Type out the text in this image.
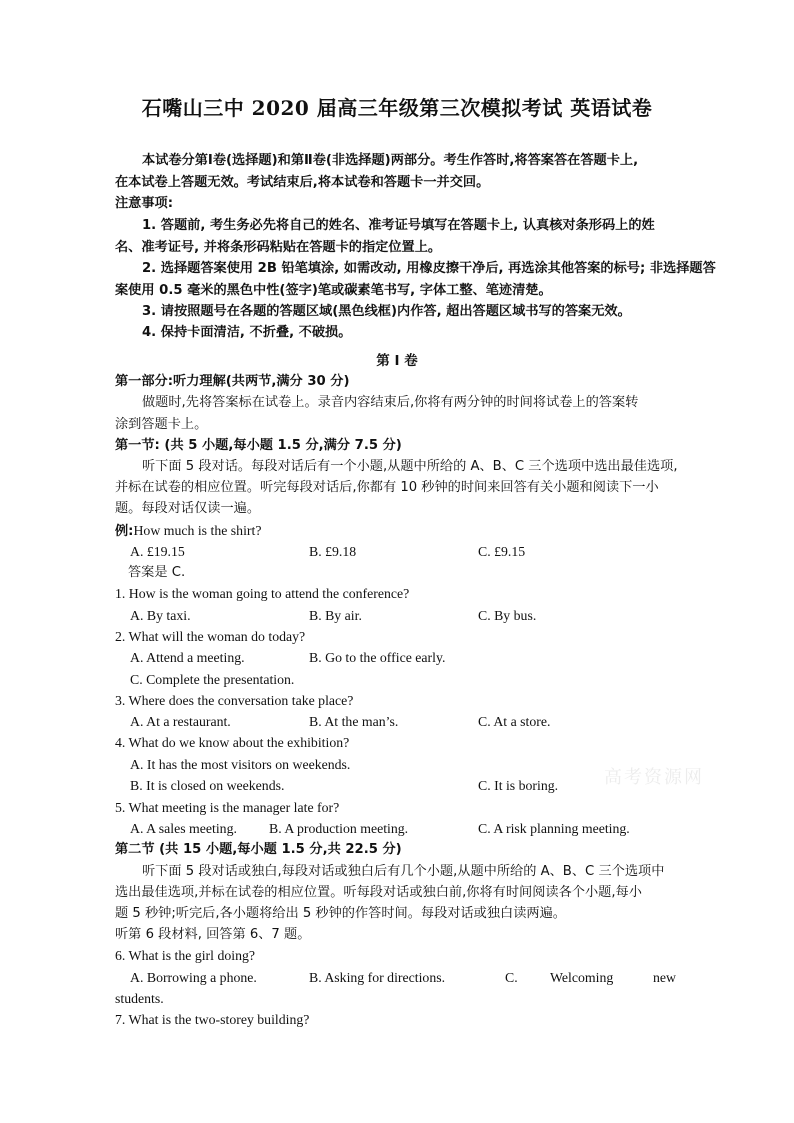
石嘴山三中 2020 届高三年级第三次模拟考试 英语试卷
本试卷分第Ⅰ卷(选择题)和第Ⅱ卷(非选择题)两部分。考生作答时,将答案答在答题卡上,
在本试卷上答题无效。考试结束后,将本试卷和答题卡一并交回。
注意事项:
1. 答题前, 考生务必先将自己的姓名、准考证号填写在答题卡上, 认真核对条形码上的姓
名、准考证号, 并将条形码粘贴在答题卡的指定位置上。
2. 选择题答案使用 2B 铅笔填涂, 如需改动, 用橡皮擦干净后, 再选涂其他答案的标号; 非选择题答
案使用 0.5 毫米的黑色中性(签字)笔或碳素笔书写, 字体工整、笔迹清楚。
3. 请按照题号在各题的答题区域(黑色线框)内作答, 超出答题区域书写的答案无效。
4. 保持卡面清洁, 不折叠, 不破损。
第 Ⅰ 卷
第一部分:听力理解(共两节,满分 30 分)
做题时,先将答案标在试卷上。录音内容结束后,你将有两分钟的时间将试卷上的答案转
涂到答题卡上。
第一节: (共 5 小题,每小题 1.5 分,满分 7.5 分)
听下面 5 段对话。每段对话后有一个小题,从题中所给的 A、B、C 三个选项中选出最佳选项,
并标在试卷的相应位置。听完每段对话后,你都有 10 秒钟的时间来回答有关小题和阅读下一小
题。每段对话仅读一遍。
例:How much is the shirt?
A. £19.15	B. £9.18	C. £9.15
答案是 C.
1. How is the woman going to attend the conference?
A. By taxi.	B. By air.	C. By bus.
2. What will the woman do today?
A. Attend a meeting.	B. Go to the office early.
C. Complete the presentation.
3. Where does the conversation take place?
A. At a restaurant.	B. At the man’s.	C. At a store.
4. What do we know about the exhibition?
A. It has the most visitors on weekends.
B. It is closed on weekends.	C. It is boring.	高考资源网
5. What meeting is the manager late for?
A. A sales meeting. B. A production meeting.	C. A risk planning meeting.
第二节 (共 15 小题,每小题 1.5 分,共 22.5 分)
听下面 5 段对话或独白,每段对话或独白后有几个小题,从题中所给的 A、B、C 三个选项中
选出最佳选项,并标在试卷的相应位置。听每段对话或独白前,你将有时间阅读各个小题,每小
题 5 秒钟;听完后,各小题将给出 5 秒钟的作答时间。每段对话或独白读两遍。
听第 6 段材料, 回答第 6、7 题。
6. What is the girl doing?
A. Borrowing a phone.	B. Asking for directions.	C. Welcoming	new
students.
7. What is the two-storey building?
